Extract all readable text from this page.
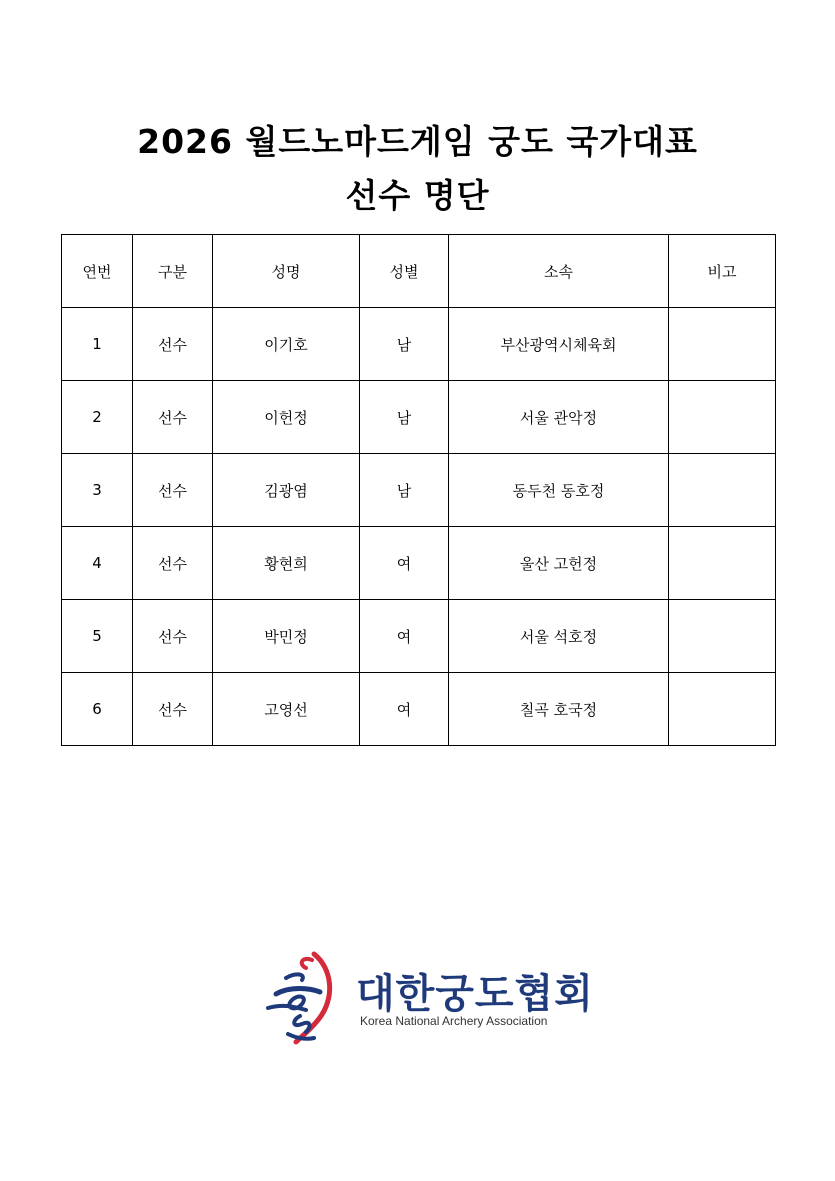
2026 월드노마드게임 궁도 국가대표
선수 명단
연번	구분	성명	성별	소속	비고
1	선수	이기호	남	부산광역시체육회	
2	선수	이헌정	남	서울 관악정	
3	선수	김광염	남	동두천 동호정	
4	선수	황현희	여	울산 고헌정	
5	선수	박민정	여	서울 석호정	
6	선수	고영선	여	칠곡 호국정	
대한궁도협회
Korea National Archery Association
